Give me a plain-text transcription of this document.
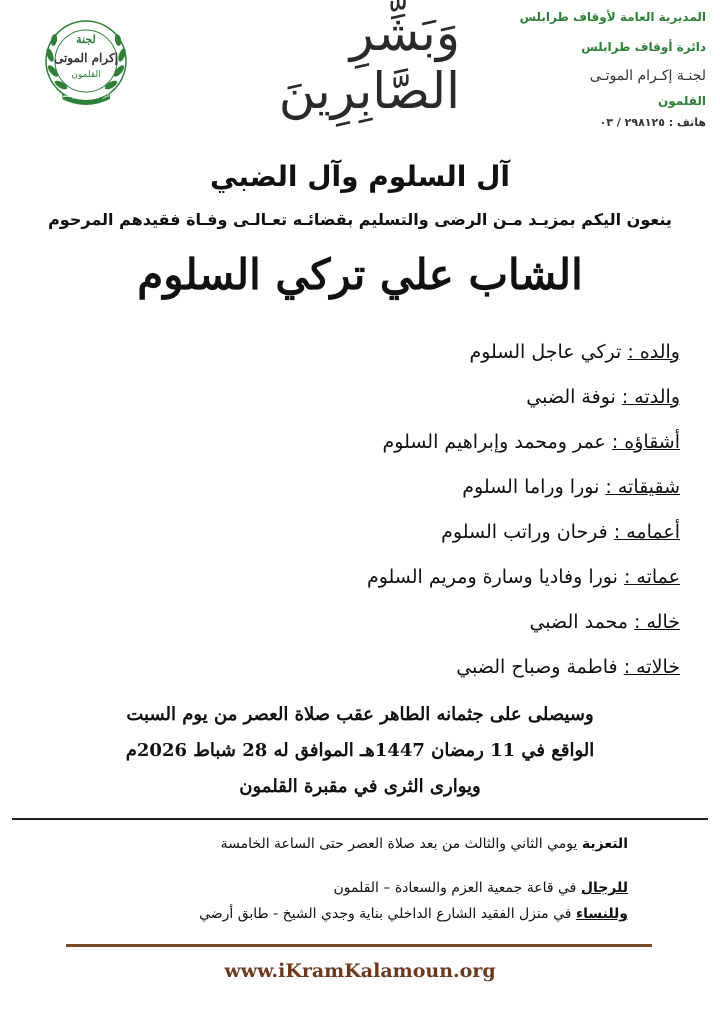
المديرية العامة لأوقاف طرابلس
دائرة أوقاف طرابلس
لجنـة إكـرام الموتـى
القلمون
هاتف : ٢٩٨١٢٥ / ٠٣
وَبَشِّرِ الصَّابِرِينَ
لجنة
إكرام الموتى
القلمون
دائرة أوقاف طرابلس
آل السلوم وآل الضبي
ينعون اليكم بمزيـد مـن الرضى والتسليم بقضائـه تعـالـى وفـاة فقيدهم المرحوم
الشاب علي تركي السلوم
والده : تركي عاجل السلوم
والدته : نوفة الضبي
أشقاؤه : عمر ومحمد وإبراهيم السلوم
شقيقاته : نورا وراما السلوم
أعمامه : فرحان وراتب السلوم
عماته : نورا وفاديا وسارة ومريم السلوم
خاله : محمد الضبي
خالاته : فاطمة وصباح الضبي
وسيصلى على جثمانه الطاهر عقب صلاة العصر من يوم السبت
الواقع في 11 رمضان 1447هـ الموافق له 28 شباط 2026م
ويوارى الثرى في مقبرة القلمون
التعزية يومي الثاني والثالث من بعد صلاة العصر حتى الساعة الخامسة
للرجال في قاعة جمعية العزم والسعادة – القلمون
وللنساء في منزل الفقيد الشارع الداخلي بناية وجدي الشيخ - طابق أرضي
www.iKramKalamoun.org
